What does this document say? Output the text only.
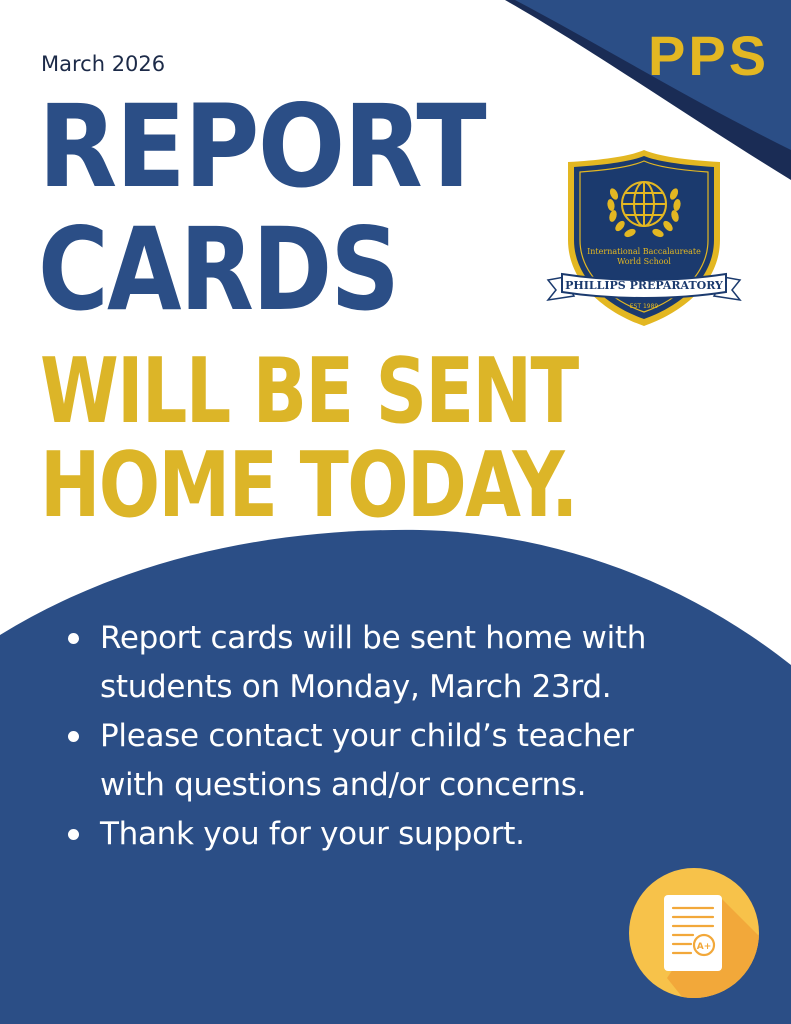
PPS
March 2026
REPORT
CARDS
WILL BE SENT
HOME TODAY.
International Baccalaureate
World School
PHILLIPS PREPARATORY
EST 1989
Report cards will be sent home with students on Monday, March 23rd.
Please contact your child’s teacher with questions and/or concerns.
Thank you for your support.
A+
